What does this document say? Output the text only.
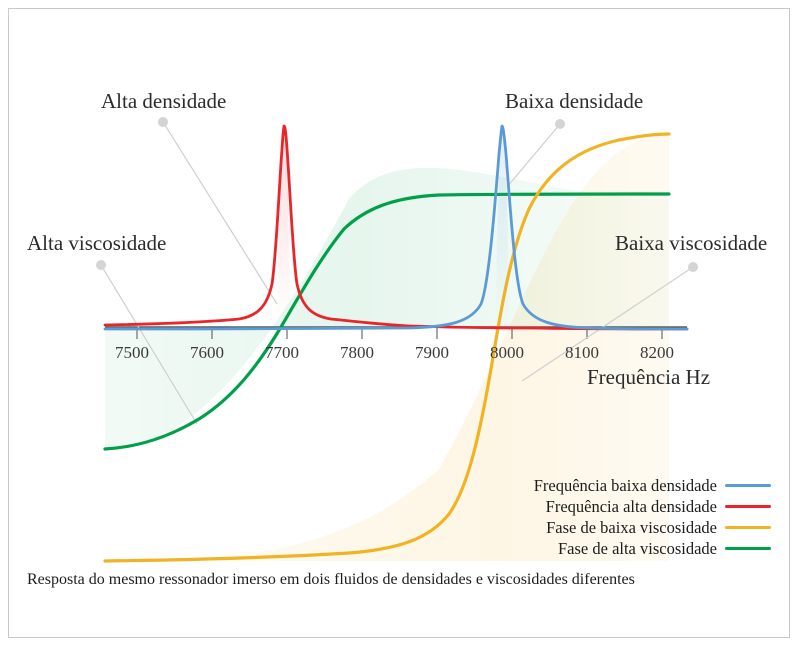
7500 7600 7700 7800 7900 8000 8100 8200
Frequência Hz
Alta densidade	Baixa densidade
Alta viscosidade	Baixa viscosidade
Frequência baixa densidade
Frequência alta densidade
Fase de baixa viscosidade
Fase de alta viscosidade
Resposta do mesmo ressonador imerso em dois fluidos de densidades e viscosidades diferentes
